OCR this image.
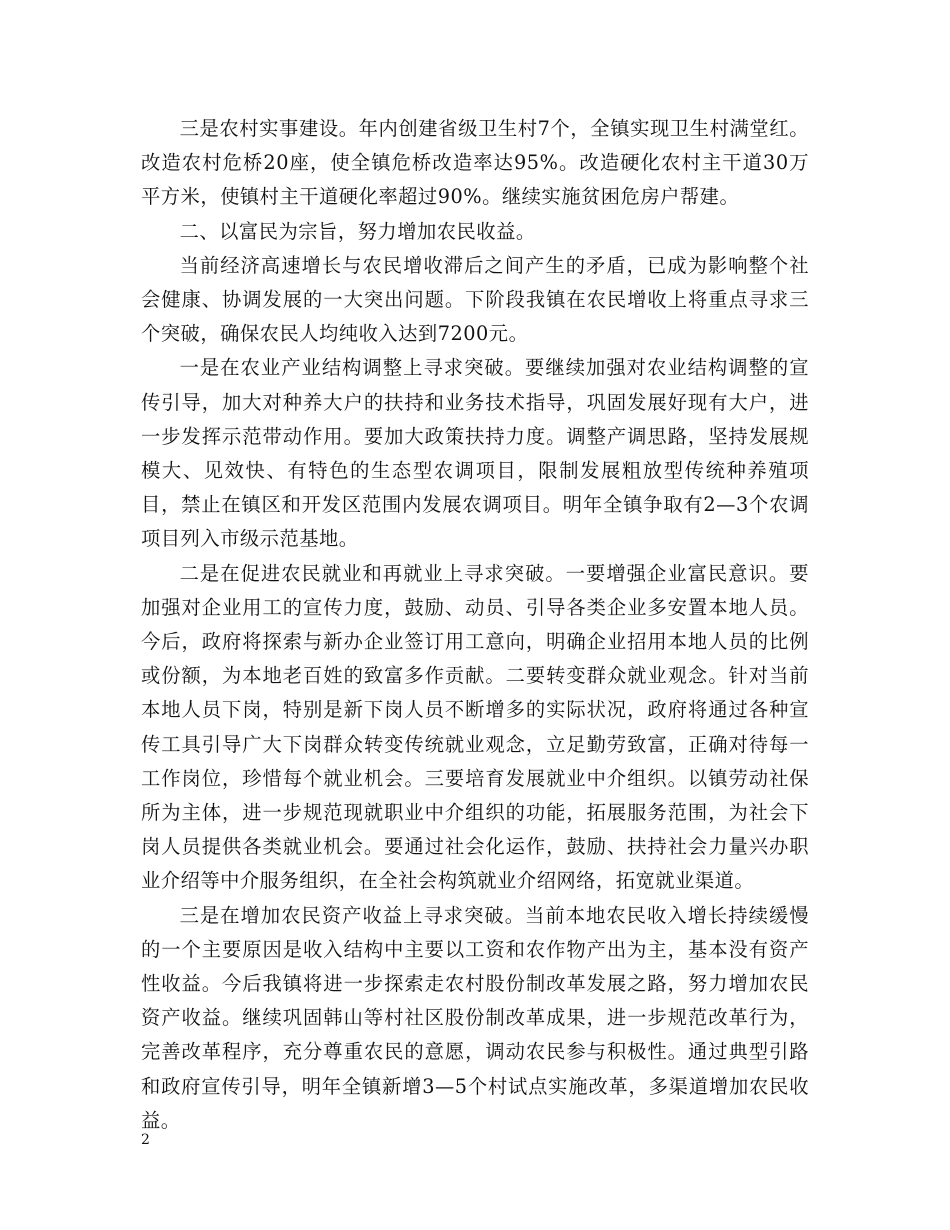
三是农村实事建设。年内创建省级卫生村7个，全镇实现卫生村满堂红。改造农村危桥20座，使全镇危桥改造率达95%。改造硬化农村主干道30万平方米，使镇村主干道硬化率超过90%。继续实施贫困危房户帮建。

二、以富民为宗旨，努力增加农民收益。

当前经济高速增长与农民增收滞后之间产生的矛盾，已成为影响整个社会健康、协调发展的一大突出问题。下阶段我镇在农民增收上将重点寻求三个突破，确保农民人均纯收入达到7200元。

一是在农业产业结构调整上寻求突破。要继续加强对农业结构调整的宣传引导，加大对种养大户的扶持和业务技术指导，巩固发展好现有大户，进一步发挥示范带动作用。要加大政策扶持力度。调整产调思路，坚持发展规模大、见效快、有特色的生态型农调项目，限制发展粗放型传统种养殖项目，禁止在镇区和开发区范围内发展农调项目。明年全镇争取有2—3个农调项目列入市级示范基地。

二是在促进农民就业和再就业上寻求突破。一要增强企业富民意识。要加强对企业用工的宣传力度，鼓励、动员、引导各类企业多安置本地人员。今后，政府将探索与新办企业签订用工意向，明确企业招用本地人员的比例或份额，为本地老百姓的致富多作贡献。二要转变群众就业观念。针对当前本地人员下岗，特别是新下岗人员不断增多的实际状况，政府将通过各种宣传工具引导广大下岗群众转变传统就业观念，立足勤劳致富，正确对待每一工作岗位，珍惜每个就业机会。三要培育发展就业中介组织。以镇劳动社保所为主体，进一步规范现就职业中介组织的功能，拓展服务范围，为社会下岗人员提供各类就业机会。要通过社会化运作，鼓励、扶持社会力量兴办职业介绍等中介服务组织，在全社会构筑就业介绍网络，拓宽就业渠道。

三是在增加农民资产收益上寻求突破。当前本地农民收入增长持续缓慢的一个主要原因是收入结构中主要以工资和农作物产出为主，基本没有资产性收益。今后我镇将进一步探索走农村股份制改革发展之路，努力增加农民资产收益。继续巩固韩山等村社区股份制改革成果，进一步规范改革行为，完善改革程序，充分尊重农民的意愿，调动农民参与积极性。通过典型引路和政府宣传引导，明年全镇新增3—5个村试点实施改革，多渠道增加农民收益。

2
